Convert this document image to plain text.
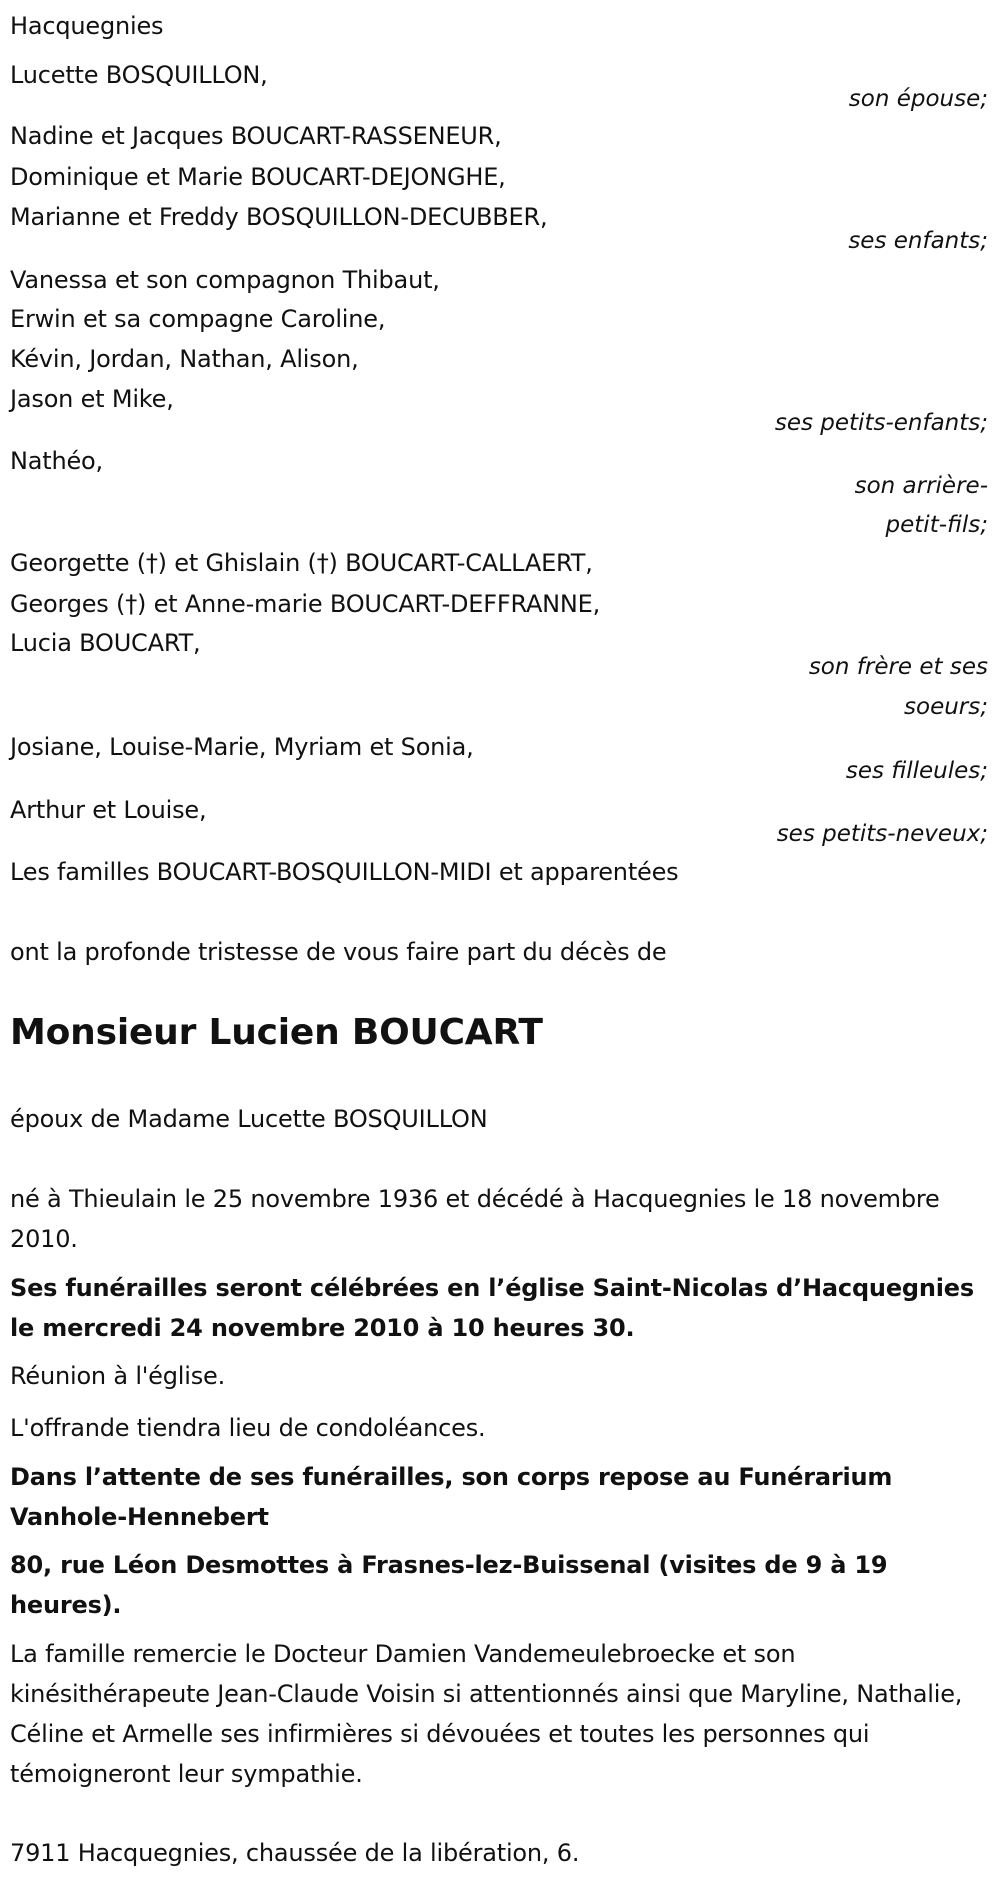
Hacquegnies
Lucette BOSQUILLON,
son épouse;
Nadine et Jacques BOUCART-RASSENEUR,
Dominique et Marie BOUCART-DEJONGHE,
Marianne et Freddy BOSQUILLON-DECUBBER,
ses enfants;
Vanessa et son compagnon Thibaut,
Erwin et sa compagne Caroline,
Kévin, Jordan, Nathan, Alison,
Jason et Mike,
ses petits-enfants;
Nathéo,
son arrière-
petit-fils;
Georgette (†) et Ghislain (†) BOUCART-CALLAERT,
Georges (†) et Anne-marie BOUCART-DEFFRANNE,
Lucia BOUCART,
son frère et ses
soeurs;
Josiane, Louise-Marie, Myriam et Sonia,
ses filleules;
Arthur et Louise,
ses petits-neveux;
Les familles BOUCART-BOSQUILLON-MIDI et apparentées
ont la profonde tristesse de vous faire part du décès de
Monsieur Lucien BOUCART
époux de Madame Lucette BOSQUILLON
né à Thieulain le 25 novembre 1936 et décédé à Hacquegnies le 18 novembre 2010.
Ses funérailles seront célébrées en l’église Saint-Nicolas d’Hacquegnies le mercredi 24 novembre 2010 à 10 heures 30.
Réunion à l'église.
L'offrande tiendra lieu de condoléances.
Dans l’attente de ses funérailles, son corps repose au Funérarium Vanhole-Hennebert
80, rue Léon Desmottes à Frasnes-lez-Buissenal (visites de 9 à 19 heures).
La famille remercie le Docteur Damien Vandemeulebroecke et son kinésithérapeute Jean-Claude Voisin si attentionnés ainsi que Maryline, Nathalie, Céline et Armelle ses infirmières si dévouées et toutes les personnes qui témoigneront leur sympathie.
7911 Hacquegnies, chaussée de la libération, 6.
